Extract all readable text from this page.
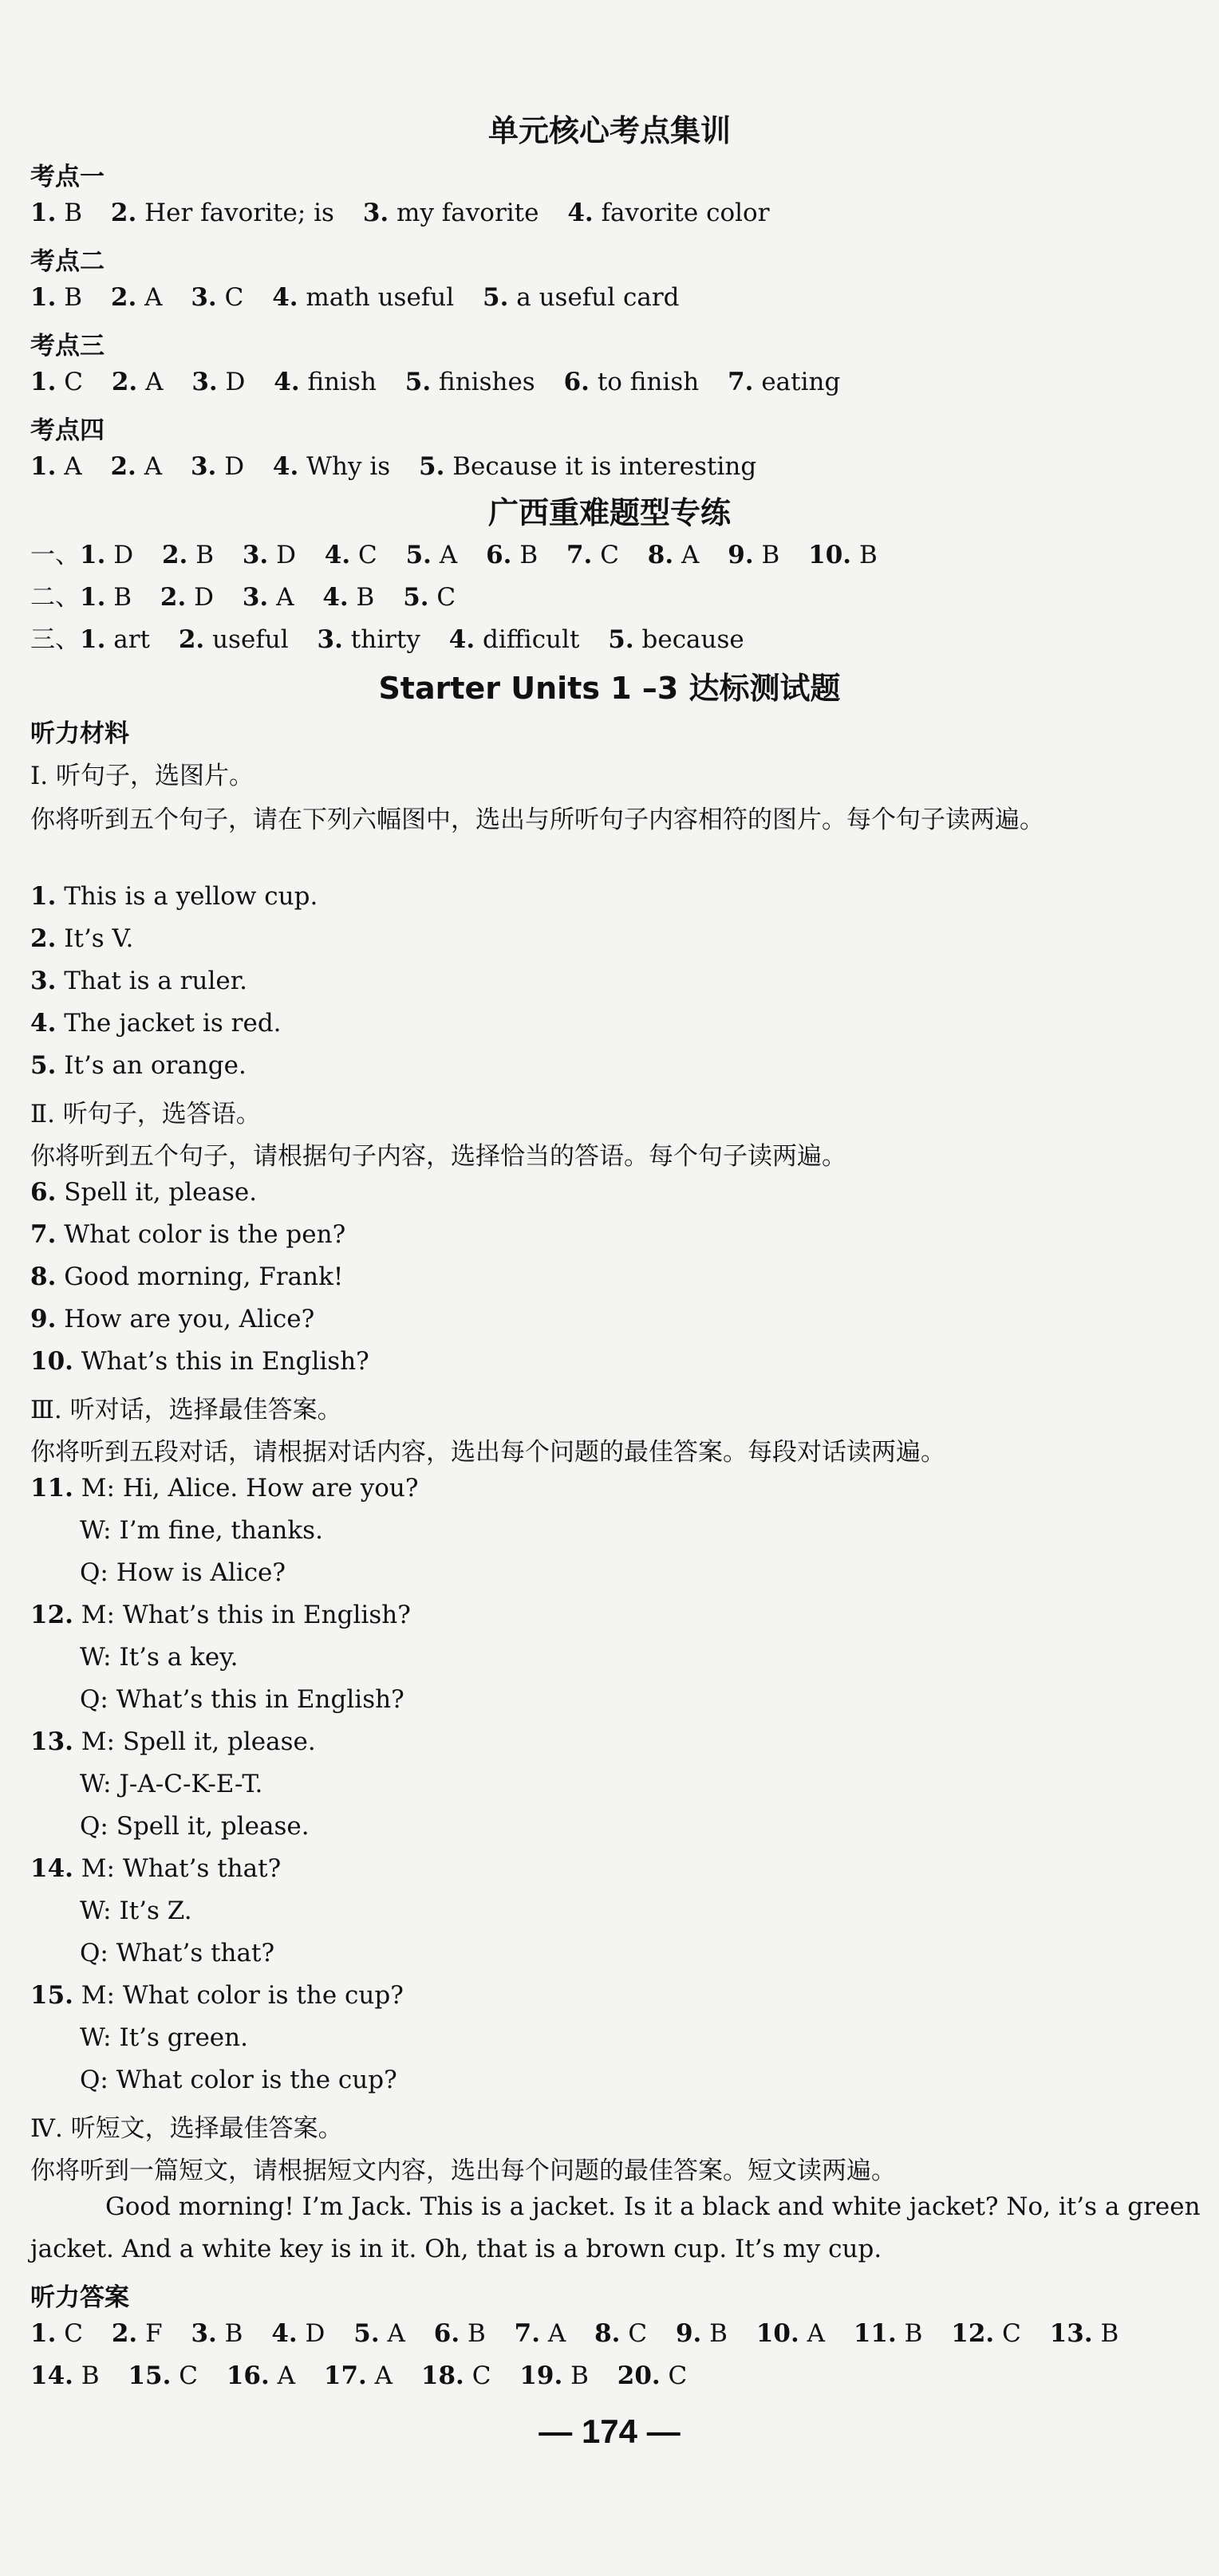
单元核心考点集训

考点一

1. B 2. Her favorite; is 3. my favorite 4. favorite color

考点二

1. B 2. A 3. C 4. math useful 5. a useful card

考点三

1. C 2. A 3. D 4. finish 5. finishes 6. to finish 7. eating

考点四

1. A 2. A 3. D 4. Why is 5. Because it is interesting

广西重难题型专练

一、1. D 2. B 3. D 4. C 5. A 6. B 7. C 8. A 9. B 10. B
二、1. B 2. D 3. A 4. B 5. C
三、1. art 2. useful 3. thirty 4. difficult 5. because

Starter Units 1 –3 达标测试题

听力材料

Ⅰ. 听句子，选图片。

你将听到五个句子，请在下列六幅图中，选出与所听句子内容相符的图片。每个句子读两遍。

1. This is a yellow cup.

2. It’s V.

3. That is a ruler.

4. The jacket is red.

5. It’s an orange.

Ⅱ. 听句子，选答语。

你将听到五个句子，请根据句子内容，选择恰当的答语。每个句子读两遍。

6. Spell it, please.

7. What color is the pen?

8. Good morning, Frank!

9. How are you, Alice?

10. What’s this in English?

Ⅲ. 听对话，选择最佳答案。

你将听到五段对话，请根据对话内容，选出每个问题的最佳答案。每段对话读两遍。

11. M: Hi, Alice. How are you?

W: I’m fine, thanks.

Q: How is Alice?

12. M: What’s this in English?

W: It’s a key.

Q: What’s this in English?

13. M: Spell it, please.

W: J-A-C-K-E-T.

Q: Spell it, please.

14. M: What’s that?

W: It’s Z.

Q: What’s that?

15. M: What color is the cup?

W: It’s green.

Q: What color is the cup?

Ⅳ. 听短文，选择最佳答案。

你将听到一篇短文，请根据短文内容，选出每个问题的最佳答案。短文读两遍。

Good morning! I’m Jack. This is a jacket. Is it a black and white jacket? No, it’s a green

jacket. And a white key is in it. Oh, that is a brown cup. It’s my cup.

听力答案

1. C 2. F 3. B 4. D 5. A 6. B 7. A 8. C 9. B 10. A 11. B 12. C 13. B
14. B 15. C 16. A 17. A 18. C 19. B 20. C
— 174 —
